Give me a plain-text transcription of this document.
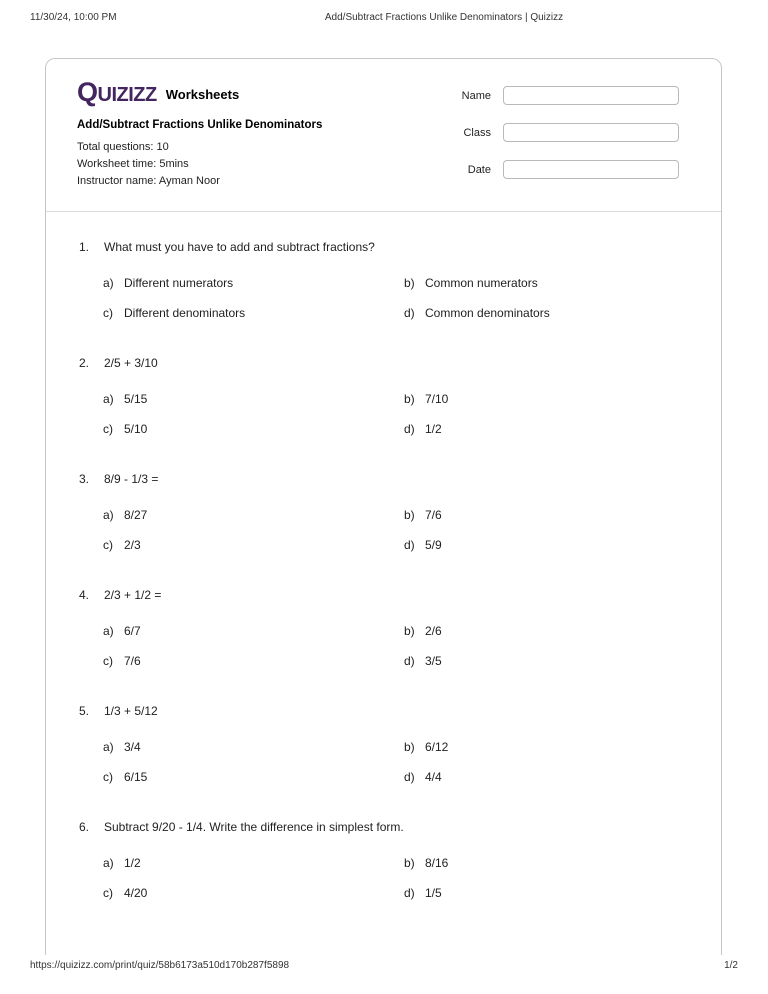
11/30/24, 10:00 PM	Add/Subtract Fractions Unlike Denominators | Quizizz
QUIZIZZ Worksheets
Add/Subtract Fractions Unlike Denominators
Total questions: 10
Worksheet time: 5mins
Instructor name: Ayman Noor
Name
Class
Date
1.	What must you have to add and subtract fractions?
a) Different numerators	b) Common numerators
c) Different denominators	d) Common denominators
2.	2/5 + 3/10
a) 5/15	b) 7/10
c) 5/10	d) 1/2
3.	8/9 - 1/3 =
a) 8/27	b) 7/6
c) 2/3	d) 5/9
4.	2/3 + 1/2 =
a) 6/7	b) 2/6
c) 7/6	d) 3/5
5.	1/3 + 5/12
a) 3/4	b) 6/12
c) 6/15	d) 4/4
6.	Subtract 9/20 - 1/4. Write the difference in simplest form.
a) 1/2	b) 8/16
c) 4/20	d) 1/5
https://quizizz.com/print/quiz/58b6173a510d170b287f5898	1/2
